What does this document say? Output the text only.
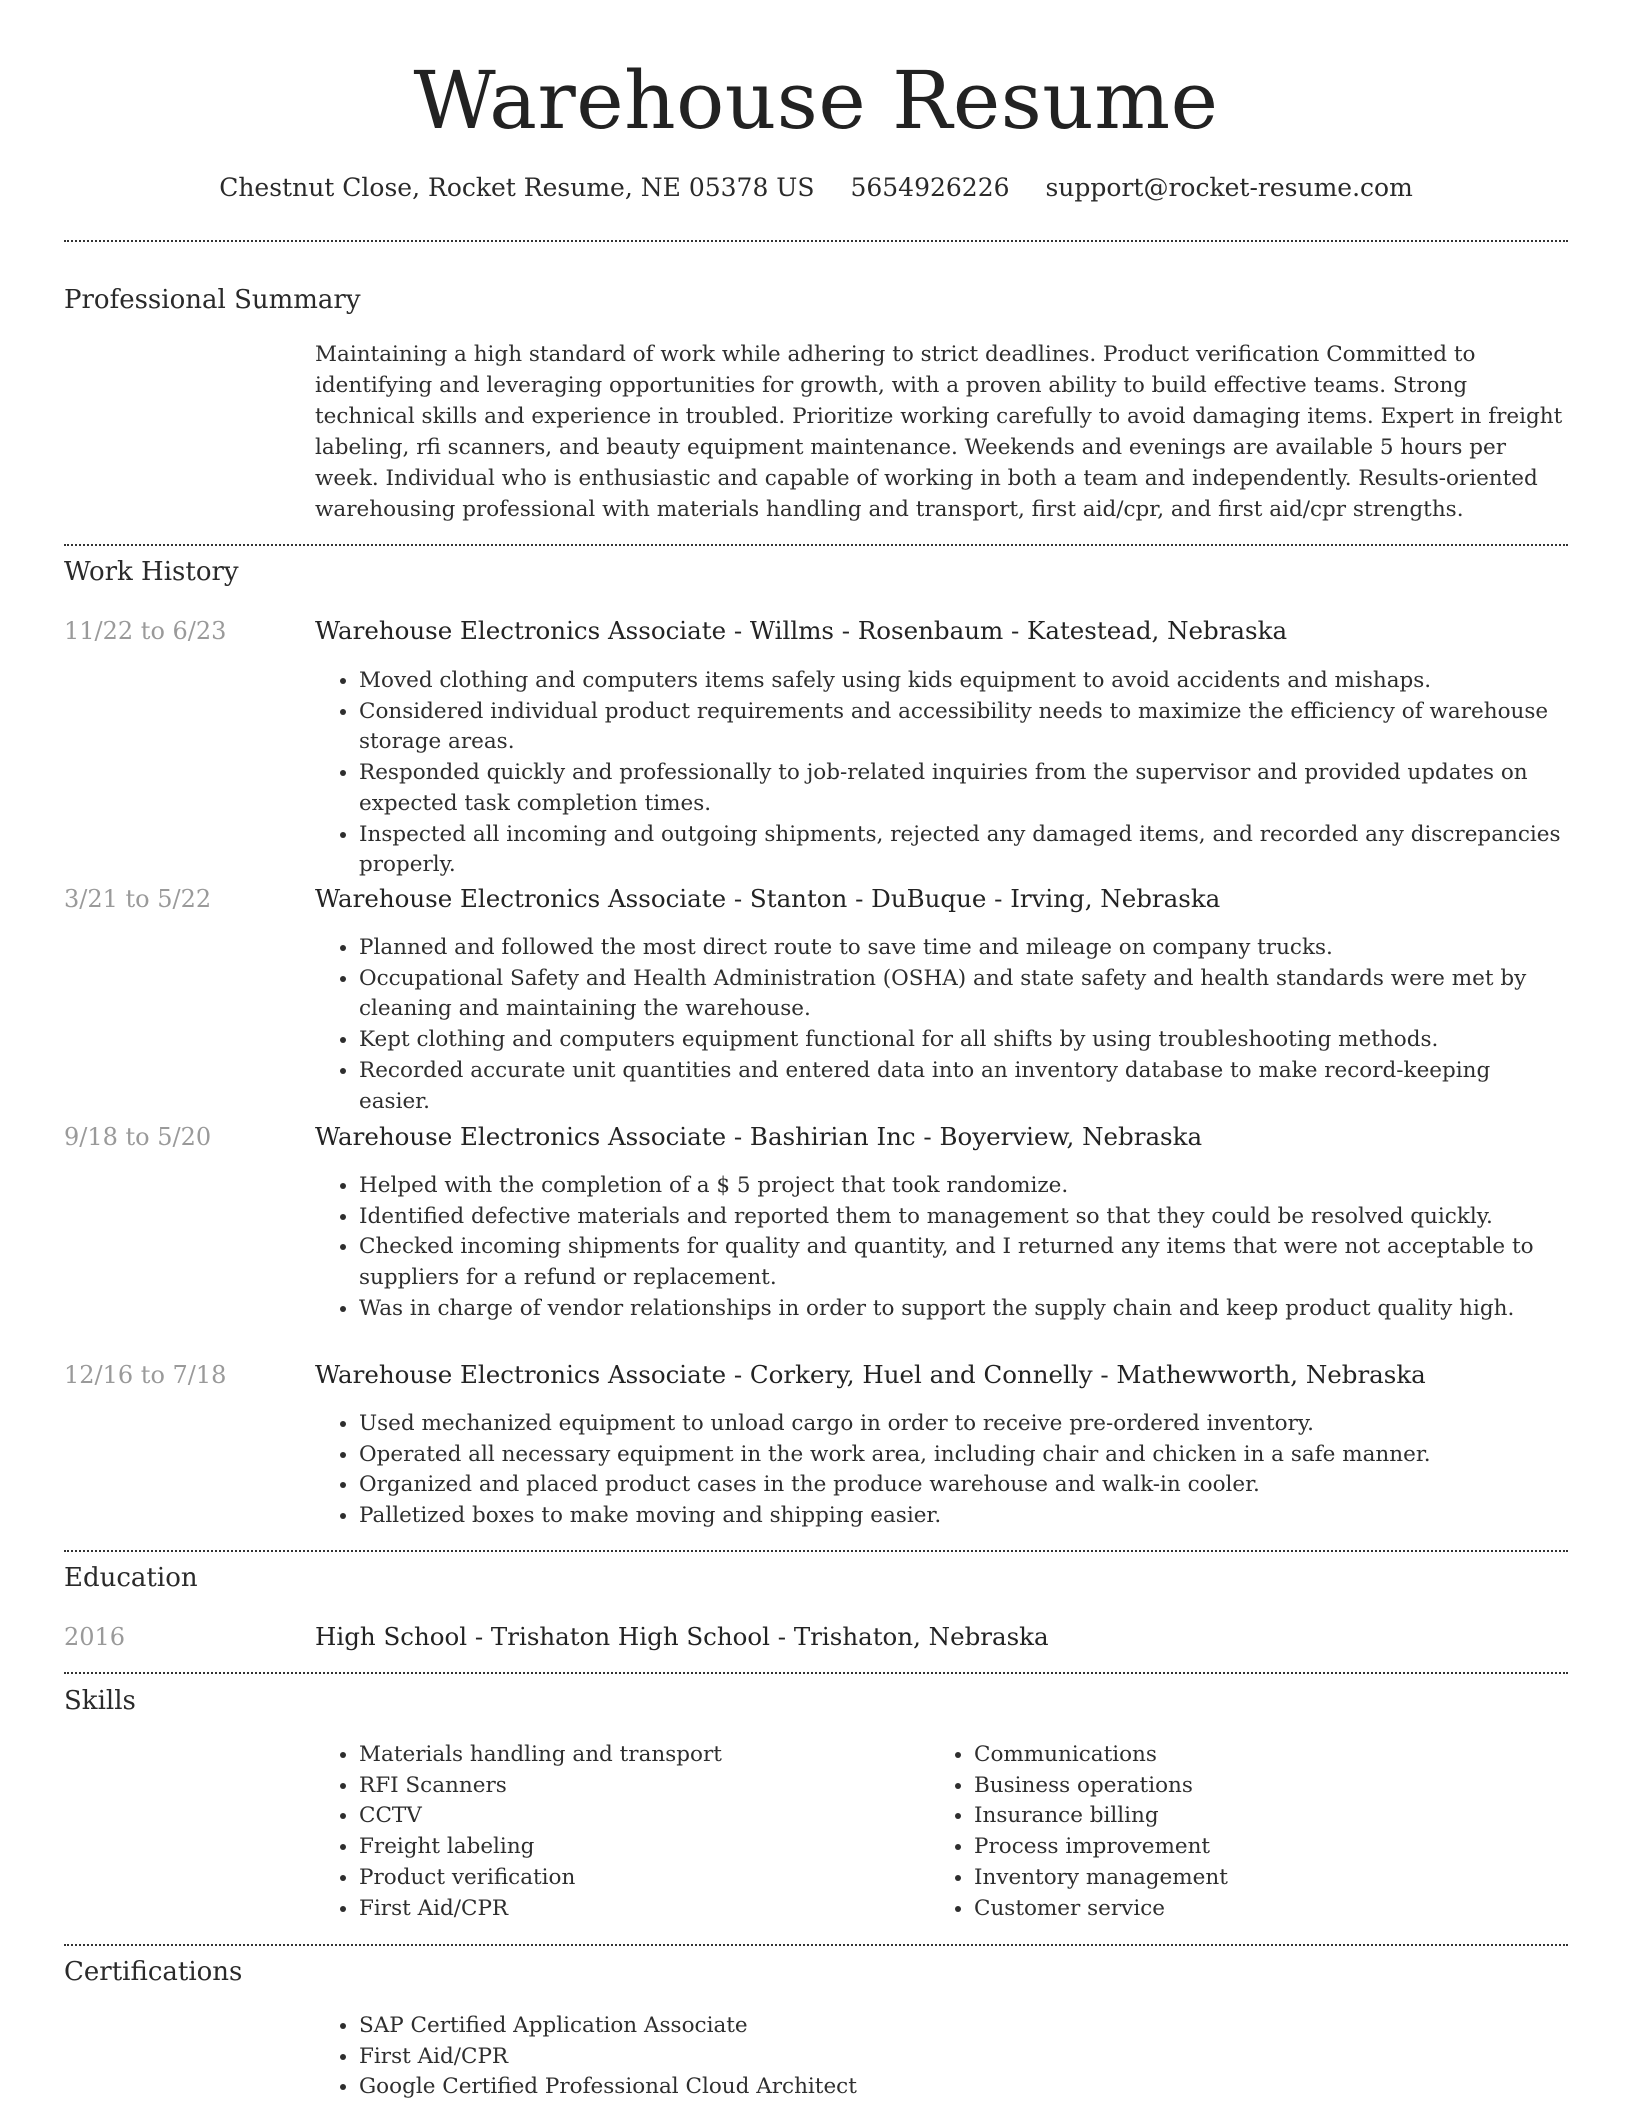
Warehouse Resume
Chestnut Close, Rocket Resume, NE 05378 US 5654926226 support@rocket-resume.com
Professional Summary
Maintaining a high standard of work while adhering to strict deadlines. Product verification Committed to identifying and leveraging opportunities for growth, with a proven ability to build effective teams. Strong technical skills and experience in troubled. Prioritize working carefully to avoid damaging items. Expert in freight labeling, rfi scanners, and beauty equipment maintenance. Weekends and evenings are available 5 hours per week. Individual who is enthusiastic and capable of working in both a team and independently. Results-oriented warehousing professional with materials handling and transport, first aid/cpr, and first aid/cpr strengths.
Work History
11/22 to 6/23	Warehouse Electronics Associate - Willms - Rosenbaum - Katestead, Nebraska
• Moved clothing and computers items safely using kids equipment to avoid accidents and mishaps.
• Considered individual product requirements and accessibility needs to maximize the efficiency of warehouse storage areas.
• Responded quickly and professionally to job-related inquiries from the supervisor and provided updates on expected task completion times.
• Inspected all incoming and outgoing shipments, rejected any damaged items, and recorded any discrepancies properly.
3/21 to 5/22	Warehouse Electronics Associate - Stanton - DuBuque - Irving, Nebraska
• Planned and followed the most direct route to save time and mileage on company trucks.
• Occupational Safety and Health Administration (OSHA) and state safety and health standards were met by cleaning and maintaining the warehouse.
• Kept clothing and computers equipment functional for all shifts by using troubleshooting methods.
• Recorded accurate unit quantities and entered data into an inventory database to make record-keeping easier.
9/18 to 5/20	Warehouse Electronics Associate - Bashirian Inc - Boyerview, Nebraska
• Helped with the completion of a $ 5 project that took randomize.
• Identified defective materials and reported them to management so that they could be resolved quickly.
• Checked incoming shipments for quality and quantity, and I returned any items that were not acceptable to suppliers for a refund or replacement.
• Was in charge of vendor relationships in order to support the supply chain and keep product quality high.
12/16 to 7/18	Warehouse Electronics Associate - Corkery, Huel and Connelly - Mathewworth, Nebraska
• Used mechanized equipment to unload cargo in order to receive pre-ordered inventory.
• Operated all necessary equipment in the work area, including chair and chicken in a safe manner.
• Organized and placed product cases in the produce warehouse and walk-in cooler.
• Palletized boxes to make moving and shipping easier.
Education
2016	High School - Trishaton High School - Trishaton, Nebraska
Skills
• Materials handling and transport
• RFI Scanners
• CCTV
• Freight labeling
• Product verification
• First Aid/CPR
• Communications
• Business operations
• Insurance billing
• Process improvement
• Inventory management
• Customer service
Certifications
• SAP Certified Application Associate
• First Aid/CPR
• Google Certified Professional Cloud Architect
